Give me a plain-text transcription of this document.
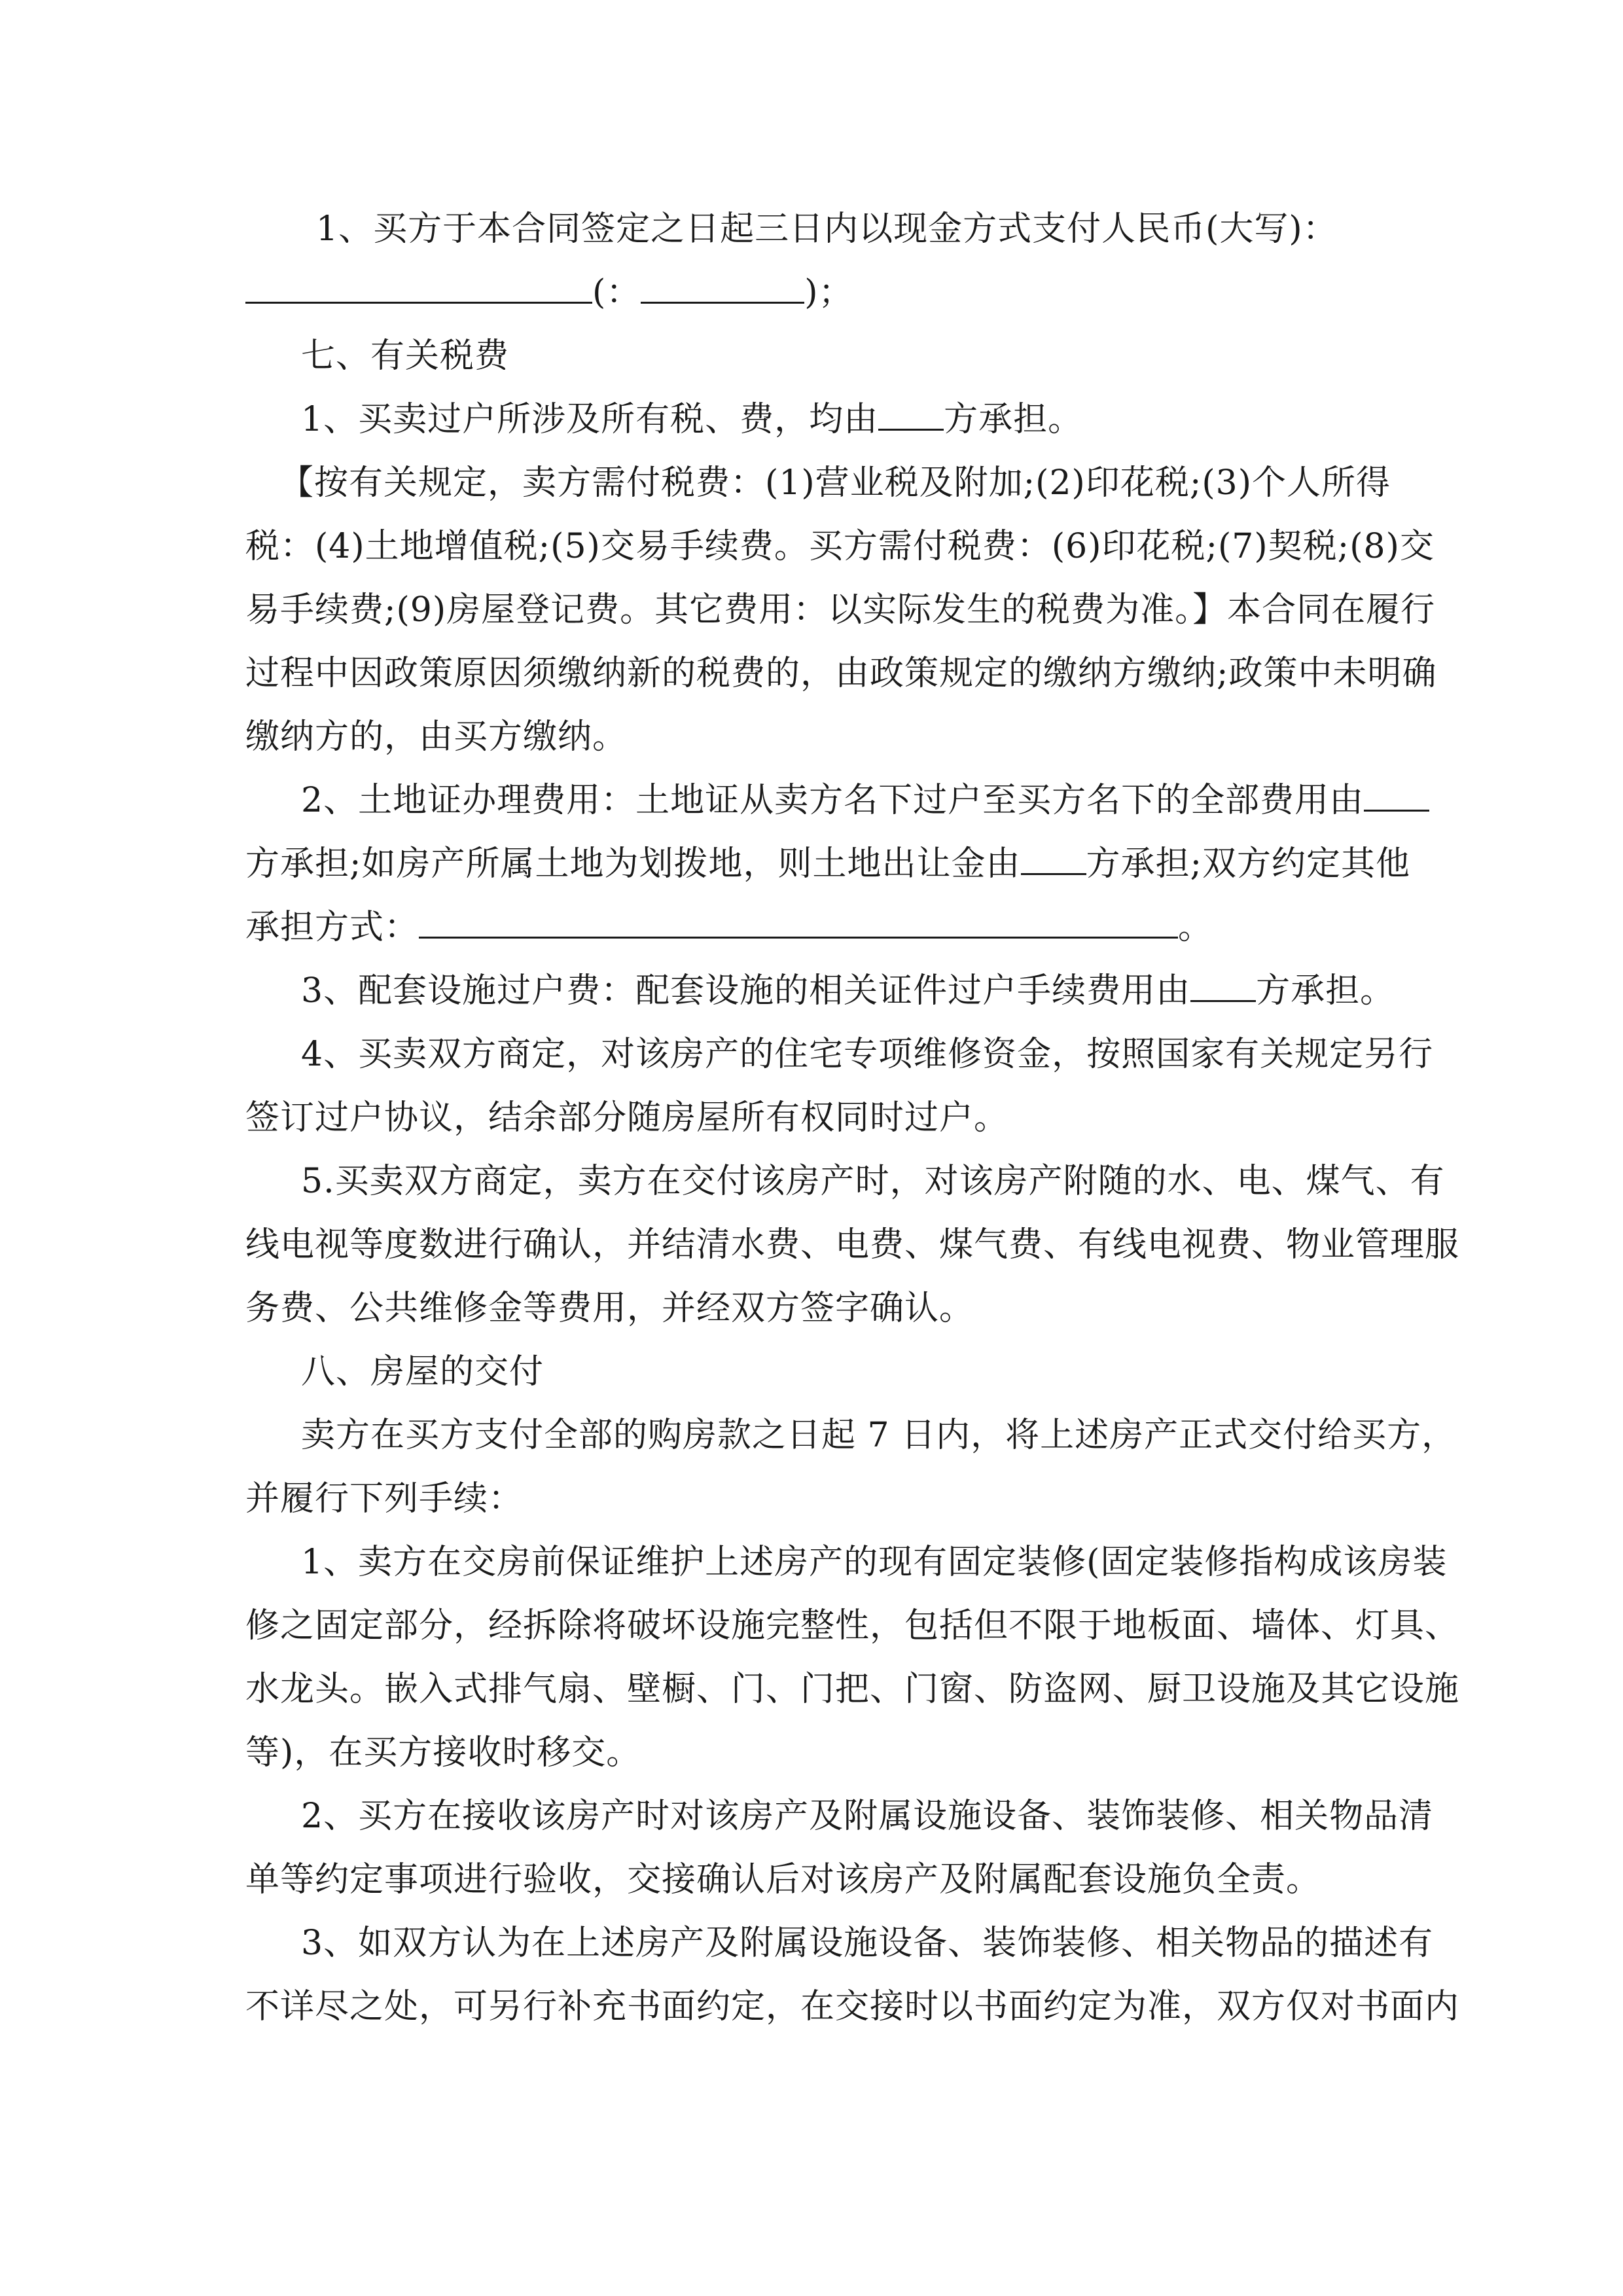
1、买方于本合同签定之日起三日内以现金方式支付人民币(大写)：
(：	)；
七、有关税费
1、买卖过户所涉及所有税、费，均由 方承担。
【按有关规定，卖方需付税费：(1)营业税及附加;(2)印花税;(3)个人所得
税：(4)土地增值税;(5)交易手续费。买方需付税费：(6)印花税;(7)契税;(8)交
易手续费;(9)房屋登记费。其它费用：以实际发生的税费为准。】本合同在履行
过程中因政策原因须缴纳新的税费的，由政策规定的缴纳方缴纳;政策中未明确
缴纳方的，由买方缴纳。
2、土地证办理费用：土地证从卖方名下过户至买方名下的全部费用由
方承担;如房产所属土地为划拨地，则土地出让金由 方承担;双方约定其他
承担方式：	。
3、配套设施过户费：配套设施的相关证件过户手续费用由 方承担。
4、买卖双方商定，对该房产的住宅专项维修资金，按照国家有关规定另行
签订过户协议，结余部分随房屋所有权同时过户。
5.买卖双方商定，卖方在交付该房产时，对该房产附随的水、电、煤气、有
线电视等度数进行确认，并结清水费、电费、煤气费、有线电视费、物业管理服
务费、公共维修金等费用，并经双方签字确认。
八、房屋的交付
卖方在买方支付全部的购房款之日起 7 日内，将上述房产正式交付给买方，
并履行下列手续：
1、卖方在交房前保证维护上述房产的现有固定装修(固定装修指构成该房装
修之固定部分，经拆除将破坏设施完整性，包括但不限于地板面、墙体、灯具、
水龙头。嵌入式排气扇、壁橱、门、门把、门窗、防盗网、厨卫设施及其它设施
等)，在买方接收时移交。
2、买方在接收该房产时对该房产及附属设施设备、装饰装修、相关物品清
单等约定事项进行验收，交接确认后对该房产及附属配套设施负全责。
3、如双方认为在上述房产及附属设施设备、装饰装修、相关物品的描述有
不详尽之处，可另行补充书面约定，在交接时以书面约定为准，双方仅对书面内
